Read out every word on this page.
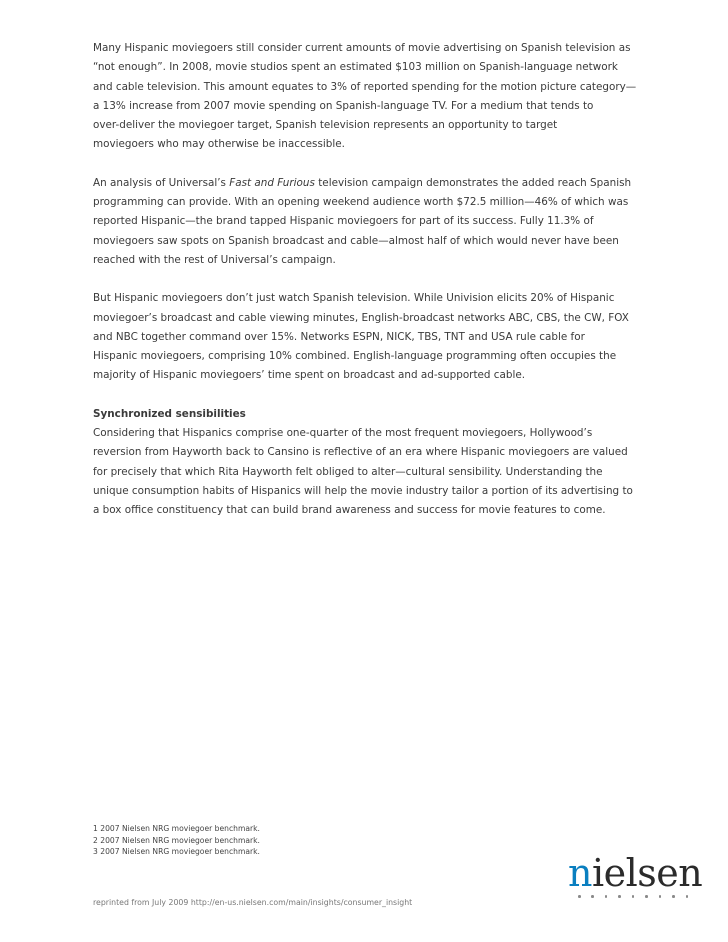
Many Hispanic moviegoers still consider current amounts of movie advertising on Spanish television as
“not enough”. In 2008, movie studios spent an estimated $103 million on Spanish-language network
and cable television. This amount equates to 3% of reported spending for the motion picture category—
a 13% increase from 2007 movie spending on Spanish-language TV. For a medium that tends to
over-deliver the moviegoer target, Spanish television represents an opportunity to target
moviegoers who may otherwise be inaccessible.

An analysis of Universal’s Fast and Furious television campaign demonstrates the added reach Spanish
programming can provide. With an opening weekend audience worth $72.5 million—46% of which was
reported Hispanic—the brand tapped Hispanic moviegoers for part of its success. Fully 11.3% of
moviegoers saw spots on Spanish broadcast and cable—almost half of which would never have been
reached with the rest of Universal’s campaign.

But Hispanic moviegoers don’t just watch Spanish television. While Univision elicits 20% of Hispanic
moviegoer’s broadcast and cable viewing minutes, English-broadcast networks ABC, CBS, the CW, FOX
and NBC together command over 15%. Networks ESPN, NICK, TBS, TNT and USA rule cable for
Hispanic moviegoers, comprising 10% combined. English-language programming often occupies the
majority of Hispanic moviegoers’ time spent on broadcast and ad-supported cable.

Synchronized sensibilities
Considering that Hispanics comprise one-quarter of the most frequent moviegoers, Hollywood’s
reversion from Hayworth back to Cansino is reflective of an era where Hispanic moviegoers are valued
for precisely that which Rita Hayworth felt obliged to alter—cultural sensibility. Understanding the
unique consumption habits of Hispanics will help the movie industry tailor a portion of its advertising to
a box office constituency that can build brand awareness and success for movie features to come.

1 2007 Nielsen NRG moviegoer benchmark.
2 2007 Nielsen NRG moviegoer benchmark.
3 2007 Nielsen NRG moviegoer benchmark.
reprinted from July 2009 http://en-us.nielsen.com/main/insights/consumer_insight
nielsen
